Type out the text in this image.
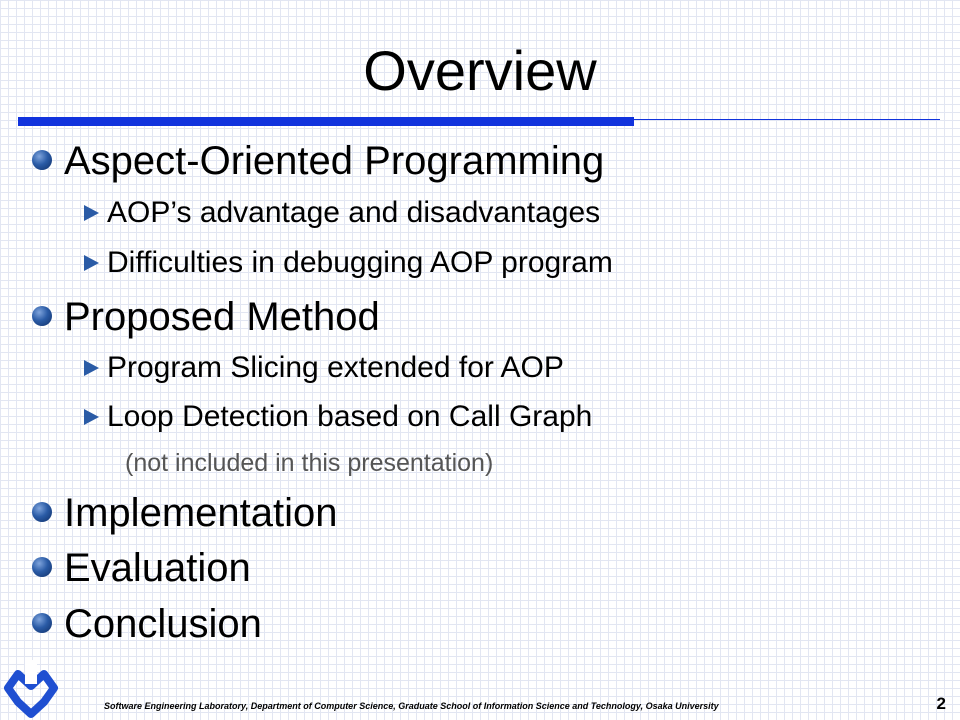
Overview
Aspect-Oriented Programming
AOP’s advantage and disadvantages
Difficulties in debugging AOP program
Proposed Method
Program Slicing extended for AOP
Loop Detection based on Call Graph
(not included in this presentation)
Implementation
Evaluation
Conclusion
Software Engineering Laboratory, Department of Computer Science, Graduate School of Information Science and Technology, Osaka University	2
